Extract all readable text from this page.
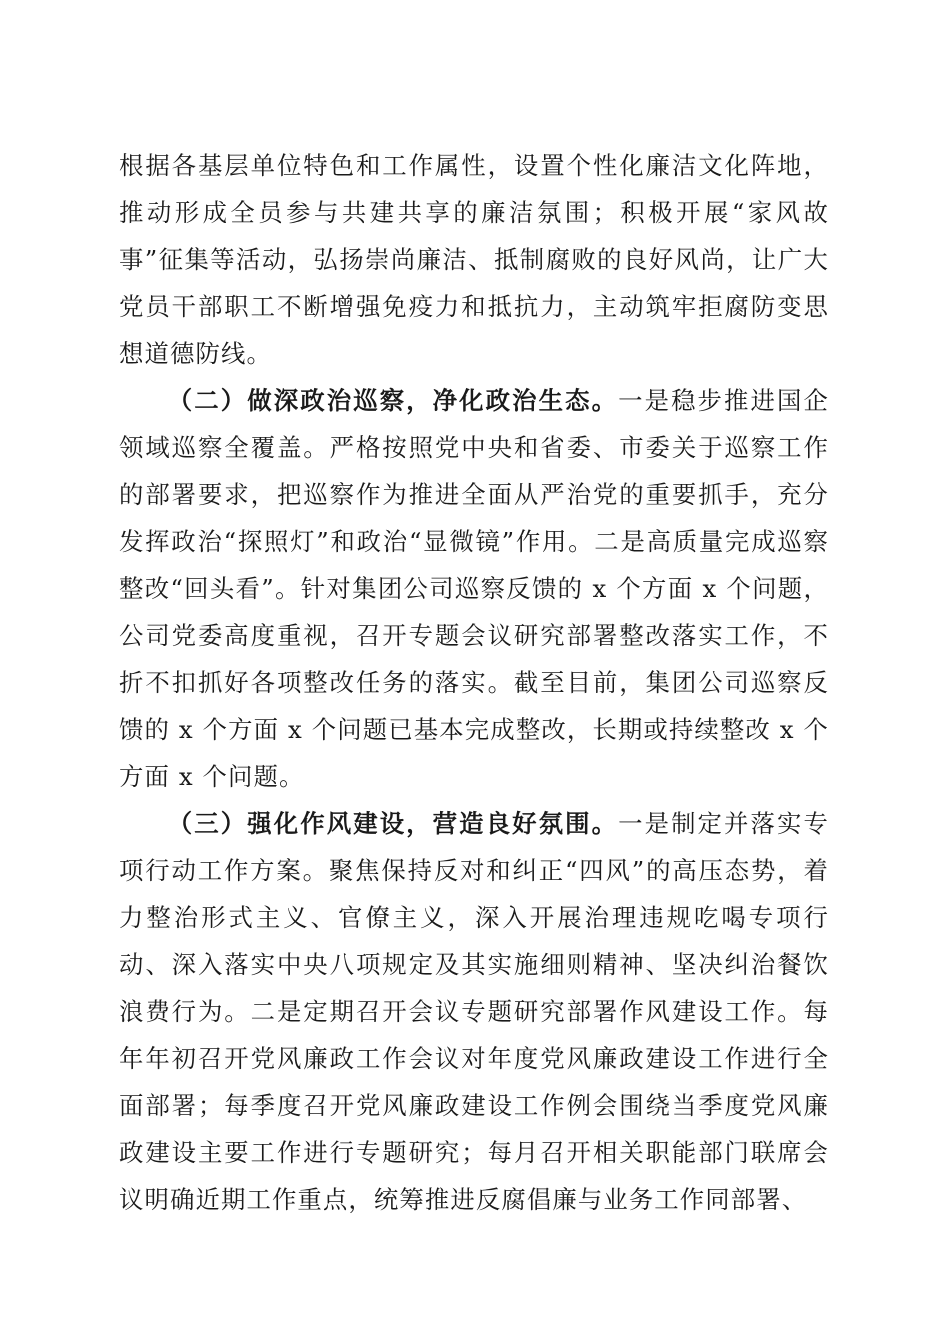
根据各基层单位特色和工作属性，设置个性化廉洁文化阵地，推动形成全员参与共建共享的廉洁氛围；积极开展“家风故事”征集等活动，弘扬崇尚廉洁、抵制腐败的良好风尚，让广大党员干部职工不断增强免疫力和抵抗力，主动筑牢拒腐防变思想道德防线。

（二）做深政治巡察，净化政治生态。一是稳步推进国企领域巡察全覆盖。严格按照党中央和省委、市委关于巡察工作的部署要求，把巡察作为推进全面从严治党的重要抓手，充分发挥政治“探照灯”和政治“显微镜”作用。二是高质量完成巡察整改“回头看”。针对集团公司巡察反馈的 x 个方面 x 个问题，公司党委高度重视，召开专题会议研究部署整改落实工作，不折不扣抓好各项整改任务的落实。截至目前，集团公司巡察反馈的 x 个方面 x 个问题已基本完成整改，长期或持续整改 x 个方面 x 个问题。

（三）强化作风建设，营造良好氛围。一是制定并落实专项行动工作方案。聚焦保持反对和纠正“四风”的高压态势，着力整治形式主义、官僚主义，深入开展治理违规吃喝专项行动、深入落实中央八项规定及其实施细则精神、坚决纠治餐饮浪费行为。二是定期召开会议专题研究部署作风建设工作。每年年初召开党风廉政工作会议对年度党风廉政建设工作进行全面部署；每季度召开党风廉政建设工作例会围绕当季度党风廉政建设主要工作进行专题研究；每月召开相关职能部门联席会议明确近期工作重点，统筹推进反腐倡廉与业务工作同部署、
